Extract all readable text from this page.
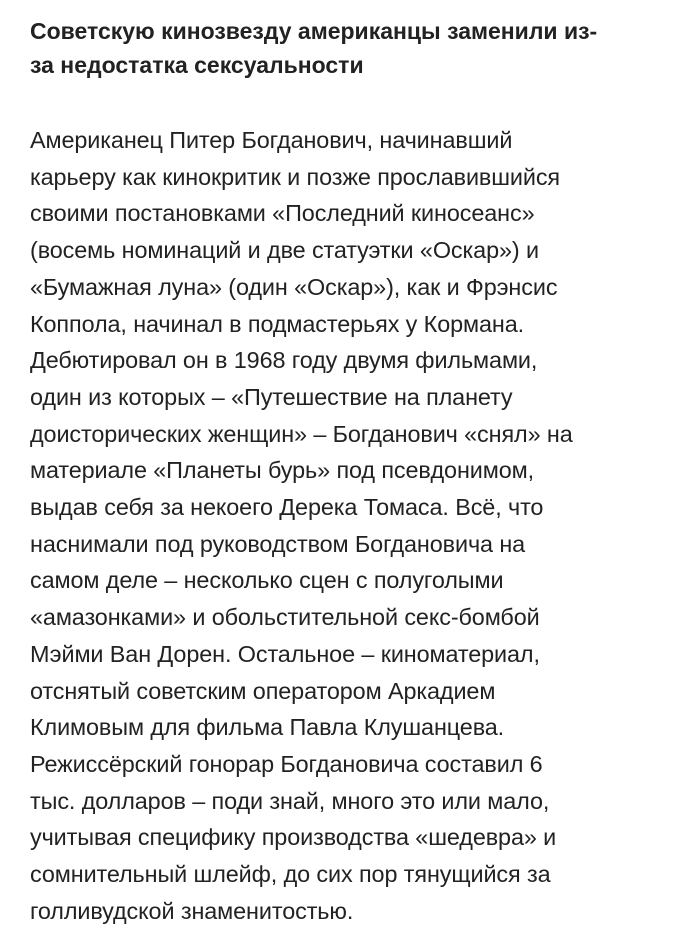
Советскую кинозвезду американцы заменили из-
за недостатка сексуальности

Американец Питер Богданович, начинавший
карьеру как кинокритик и позже прославившийся
своими постановками «Последний киносеанс»
(восемь номинаций и две статуэтки «Оскар») и
«Бумажная луна» (один «Оскар»), как и Фрэнсис
Коппола, начинал в подмастерьях у Кормана.
Дебютировал он в 1968 году двумя фильмами,
один из которых – «Путешествие на планету
доисторических женщин» – Богданович «снял» на
материале «Планеты бурь» под псевдонимом,
выдав себя за некоего Дерека Томаса. Всё, что
наснимали под руководством Богдановича на
самом деле – несколько сцен с полуголыми
«амазонками» и обольстительной секс-бомбой
Мэйми Ван Дорен. Остальное – киноматериал,
отснятый советским оператором Аркадием
Климовым для фильма Павла Клушанцева.
Режиссёрский гонорар Богдановича составил 6
тыс. долларов – поди знай, много это или мало,
учитывая специфику производства «шедевра» и
сомнительный шлейф, до сих пор тянущийся за
голливудской знаменитостью.
